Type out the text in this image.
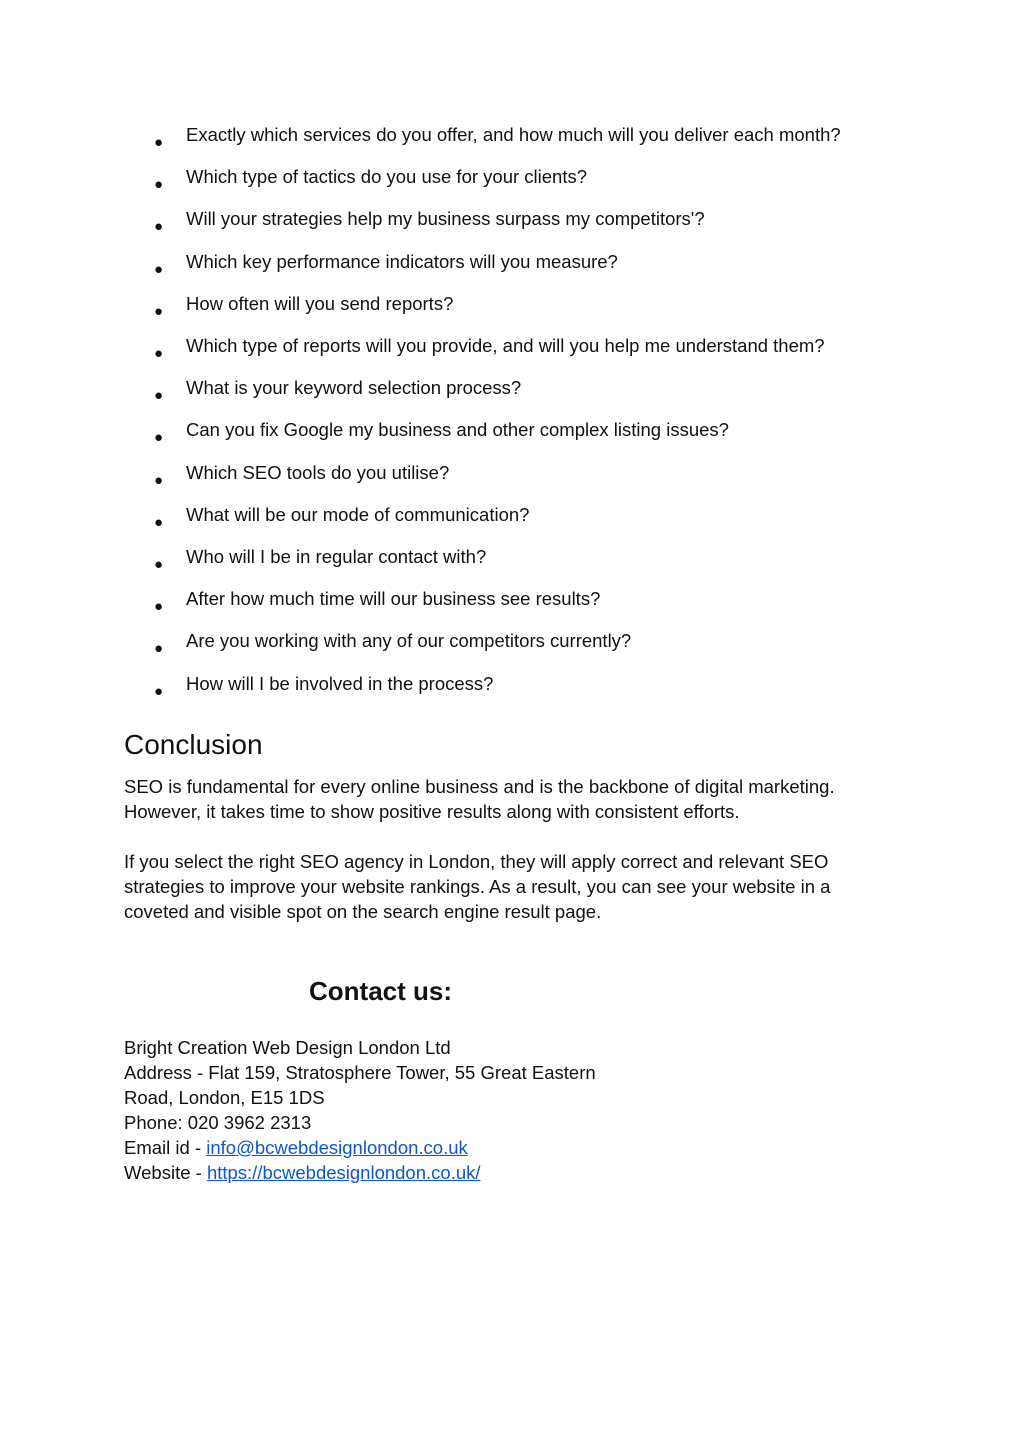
●	Exactly which services do you offer, and how much will you deliver each month?
●	Which type of tactics do you use for your clients?
●	Will your strategies help my business surpass my competitors'?
●	Which key performance indicators will you measure?
●	How often will you send reports?
●	Which type of reports will you provide, and will you help me understand them?
●	What is your keyword selection process?
●	Can you fix Google my business and other complex listing issues?
●	Which SEO tools do you utilise?
●	What will be our mode of communication?
●	Who will I be in regular contact with?
●	After how much time will our business see results?
●	Are you working with any of our competitors currently?
●	How will I be involved in the process?
Conclusion

SEO is fundamental for every online business and is the backbone of digital marketing. However, it takes time to show positive results along with consistent efforts.

If you select the right SEO agency in London, they will apply correct and relevant SEO strategies to improve your website rankings. As a result, you can see your website in a coveted and visible spot on the search engine result page.

Contact us:
Bright Creation Web Design London Ltd
Address - Flat 159, Stratosphere Tower, 55 Great Eastern
Road, London, E15 1DS
Phone: 020 3962 2313
Email id - info@bcwebdesignlondon.co.uk
Website - https://bcwebdesignlondon.co.uk/
